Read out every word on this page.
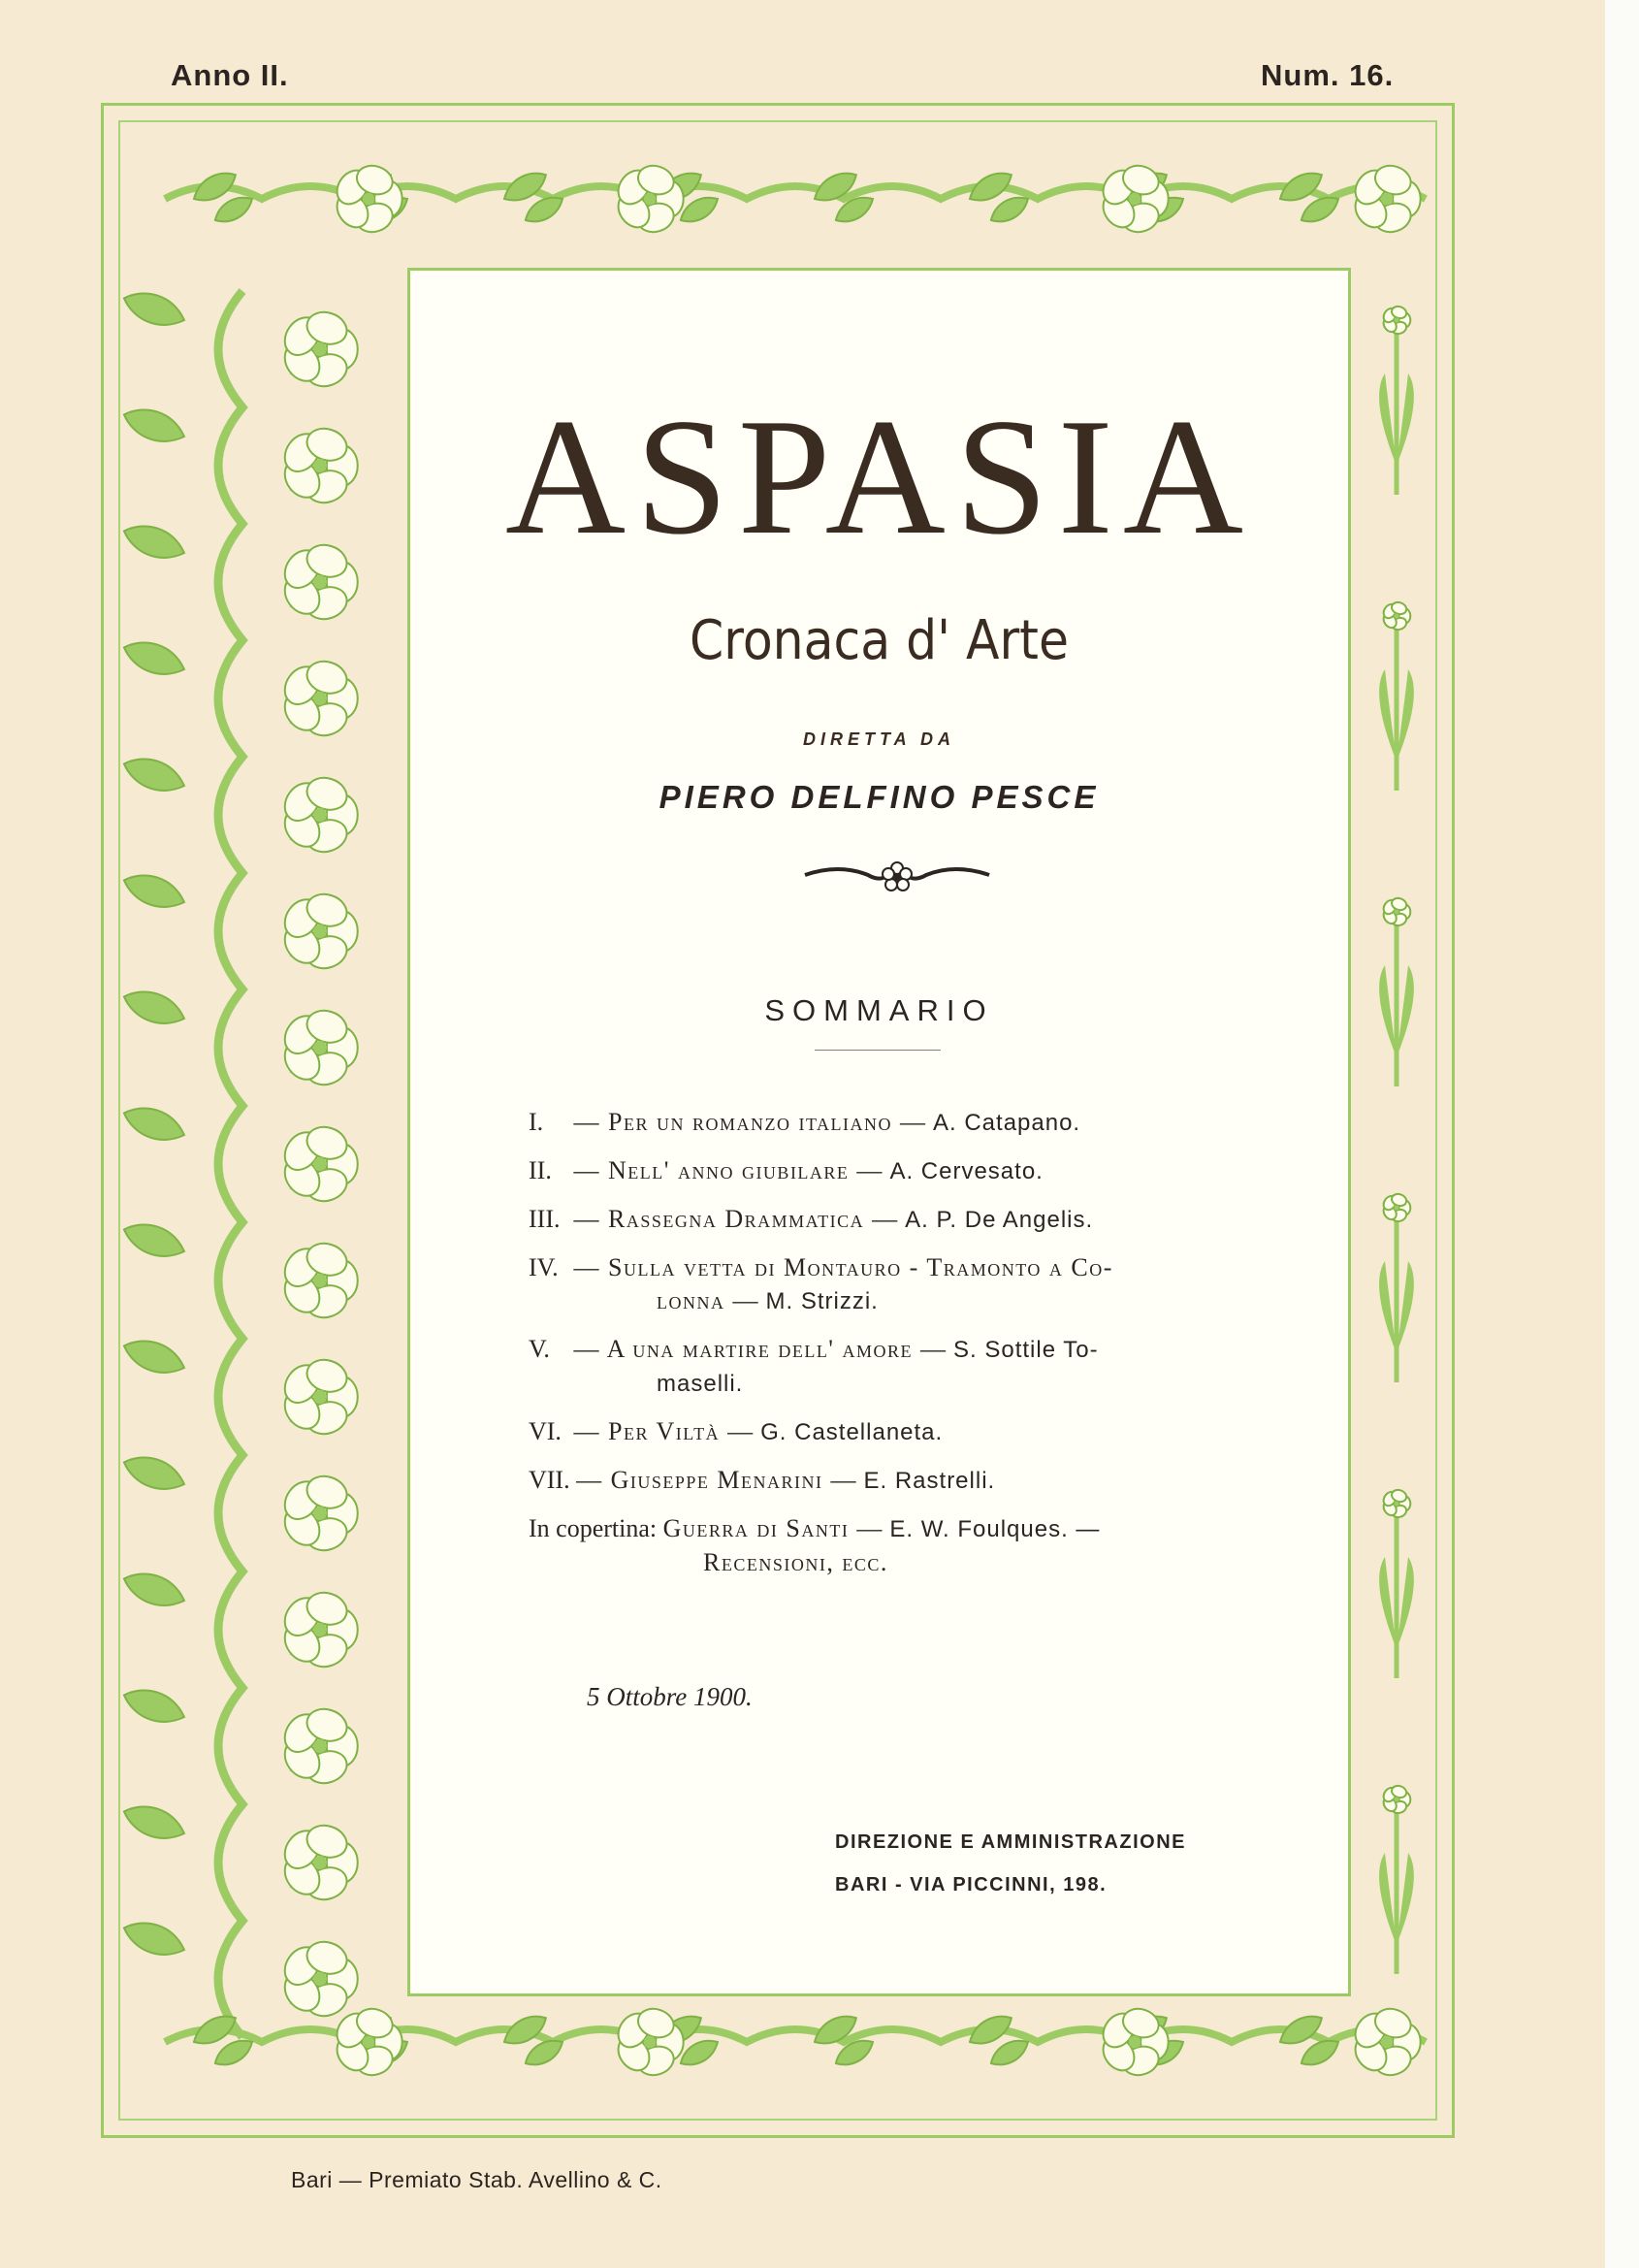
Anno II.	Num. 16.
ASPASIA
Cronaca d' Arte
DIRETTA DA
PIERO DELFINO PESCE
SOMMARIO
I. — Per un romanzo italiano — A. Catapano.
II. — Nell' anno giubilare — A. Cervesato.
III. — Rassegna Drammatica — A. P. De Angelis.
IV. — Sulla vetta di Montauro - Tramonto a Co-
lonna — M. Strizzi.
V. — A una martire dell' amore — S. Sottile To-
maselli.
VI. — Per Viltà — G. Castellaneta.
VII. — Giuseppe Menarini — E. Rastrelli.
In copertina: Guerra di Santi — E. W. Foulques. —
Recensioni, ecc.
5 Ottobre 1900.
DIREZIONE E AMMINISTRAZIONE
BARI - VIA PICCINNI, 198.
Bari — Premiato Stab. Avellino & C.
